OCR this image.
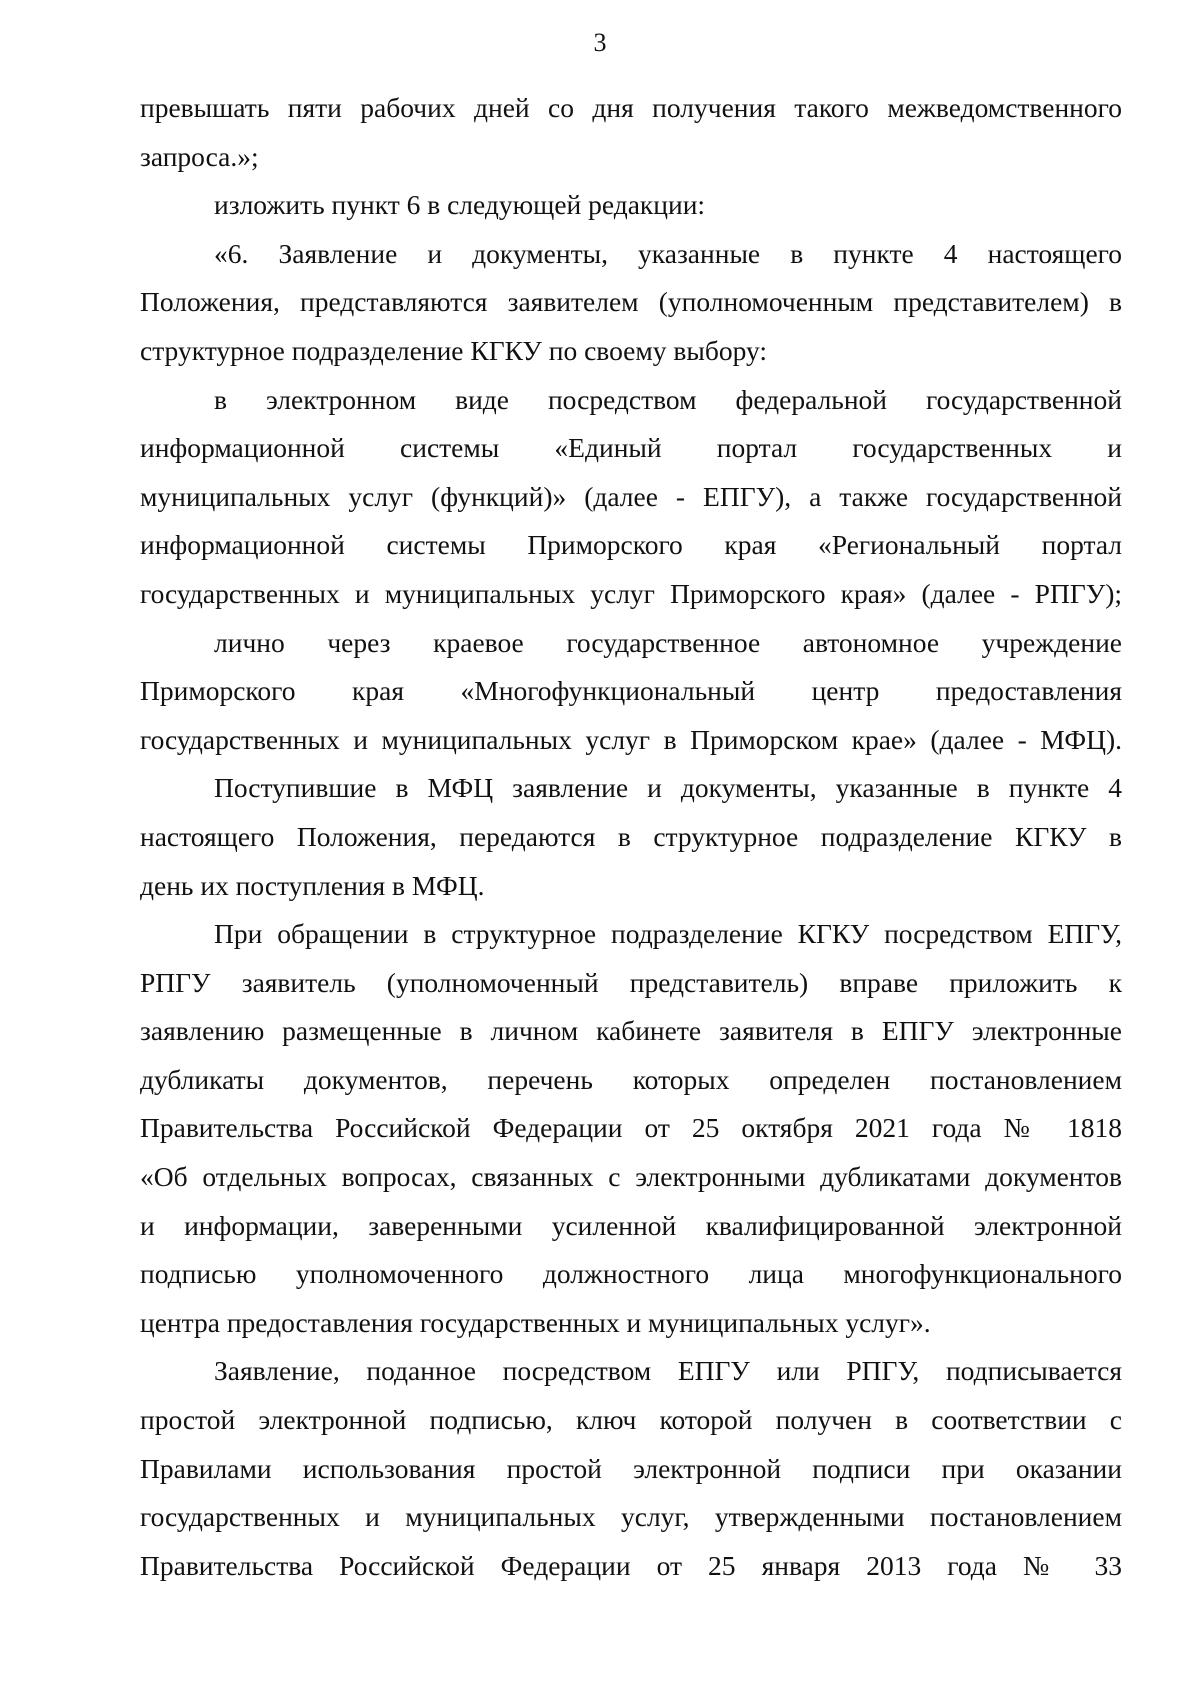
3
превышать пяти рабочих дней со дня получения такого межведомственного
запроса.»;
изложить пункт 6 в следующей редакции:
«6. Заявление и документы, указанные в пункте 4 настоящего
Положения, представляются заявителем (уполномоченным представителем) в
структурное подразделение КГКУ по своему выбору:
в электронном виде посредством федеральной государственной
информационной системы «Единый портал государственных и
муниципальных услуг (функций)» (далее - ЕПГУ), а также государственной
информационной системы Приморского края «Региональный портал
государственных и муниципальных услуг Приморского края» (далее - РПГУ);
лично через краевое государственное автономное учреждение
Приморского края «Многофункциональный центр предоставления
государственных и муниципальных услуг в Приморском крае» (далее - МФЦ).
Поступившие в МФЦ заявление и документы, указанные в пункте 4
настоящего Положения, передаются в структурное подразделение КГКУ в
день их поступления в МФЦ.
При обращении в структурное подразделение КГКУ посредством ЕПГУ,
РПГУ заявитель (уполномоченный представитель) вправе приложить к
заявлению размещенные в личном кабинете заявителя в ЕПГУ электронные
дубликаты документов, перечень которых определен постановлением
Правительства Российской Федерации от 25 октября 2021 года № 1818
«Об отдельных вопросах, связанных с электронными дубликатами документов
и информации, заверенными усиленной квалифицированной электронной
подписью уполномоченного должностного лица многофункционального
центра предоставления государственных и муниципальных услуг».
Заявление, поданное посредством ЕПГУ или РПГУ, подписывается
простой электронной подписью, ключ которой получен в соответствии с
Правилами использования простой электронной подписи при оказании
государственных и муниципальных услуг, утвержденными постановлением
Правительства Российской Федерации от 25 января 2013 года № 33
